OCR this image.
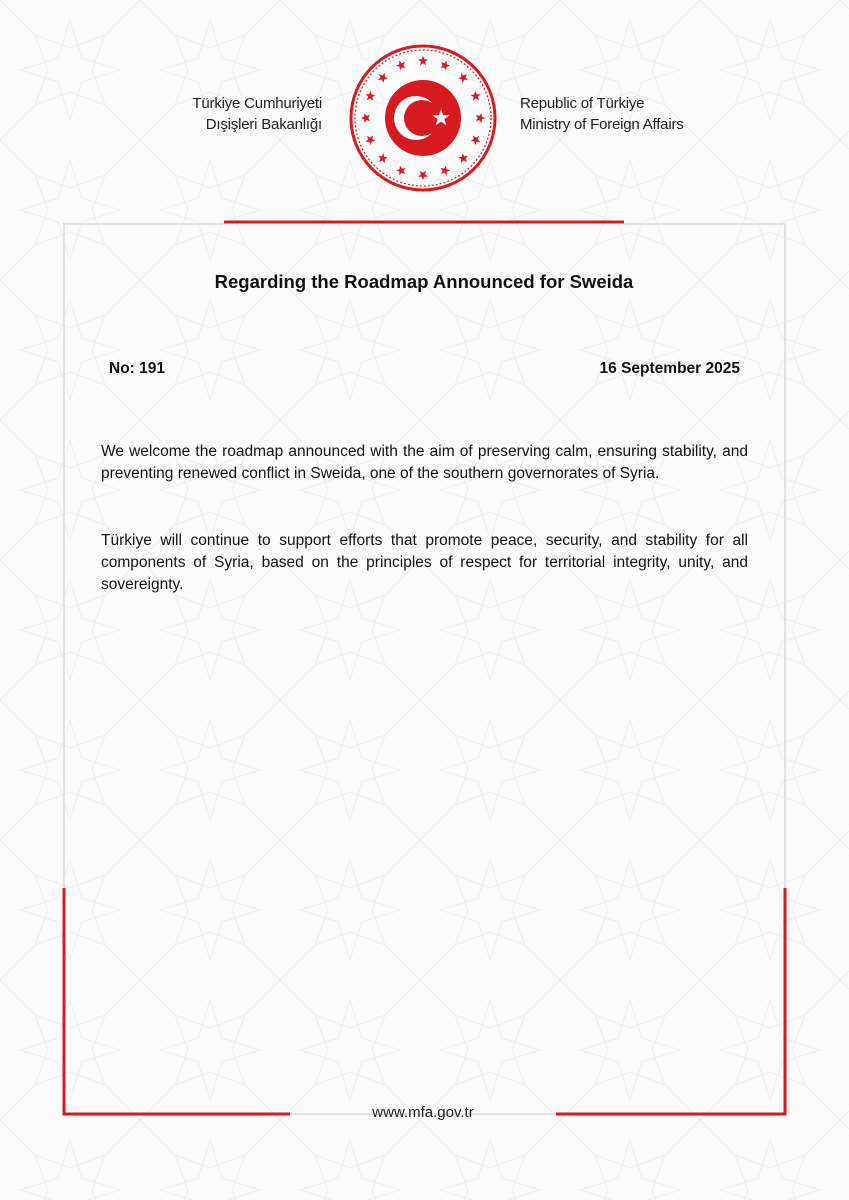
Türkiye Cumhuriyeti
Dışişleri Bakanlığı
Republic of Türkiye
Ministry of Foreign Affairs
Regarding the Roadmap Announced for Sweida
No: 191	16 September 2025

We welcome the roadmap announced with the aim of preserving calm, ensuring stability, and preventing renewed conflict in Sweida, one of the southern governorates of Syria.

Türkiye will continue to support efforts that promote peace, security, and stability for all components of Syria, based on the principles of respect for territorial integrity, unity, and sovereignty.

www.mfa.gov.tr
